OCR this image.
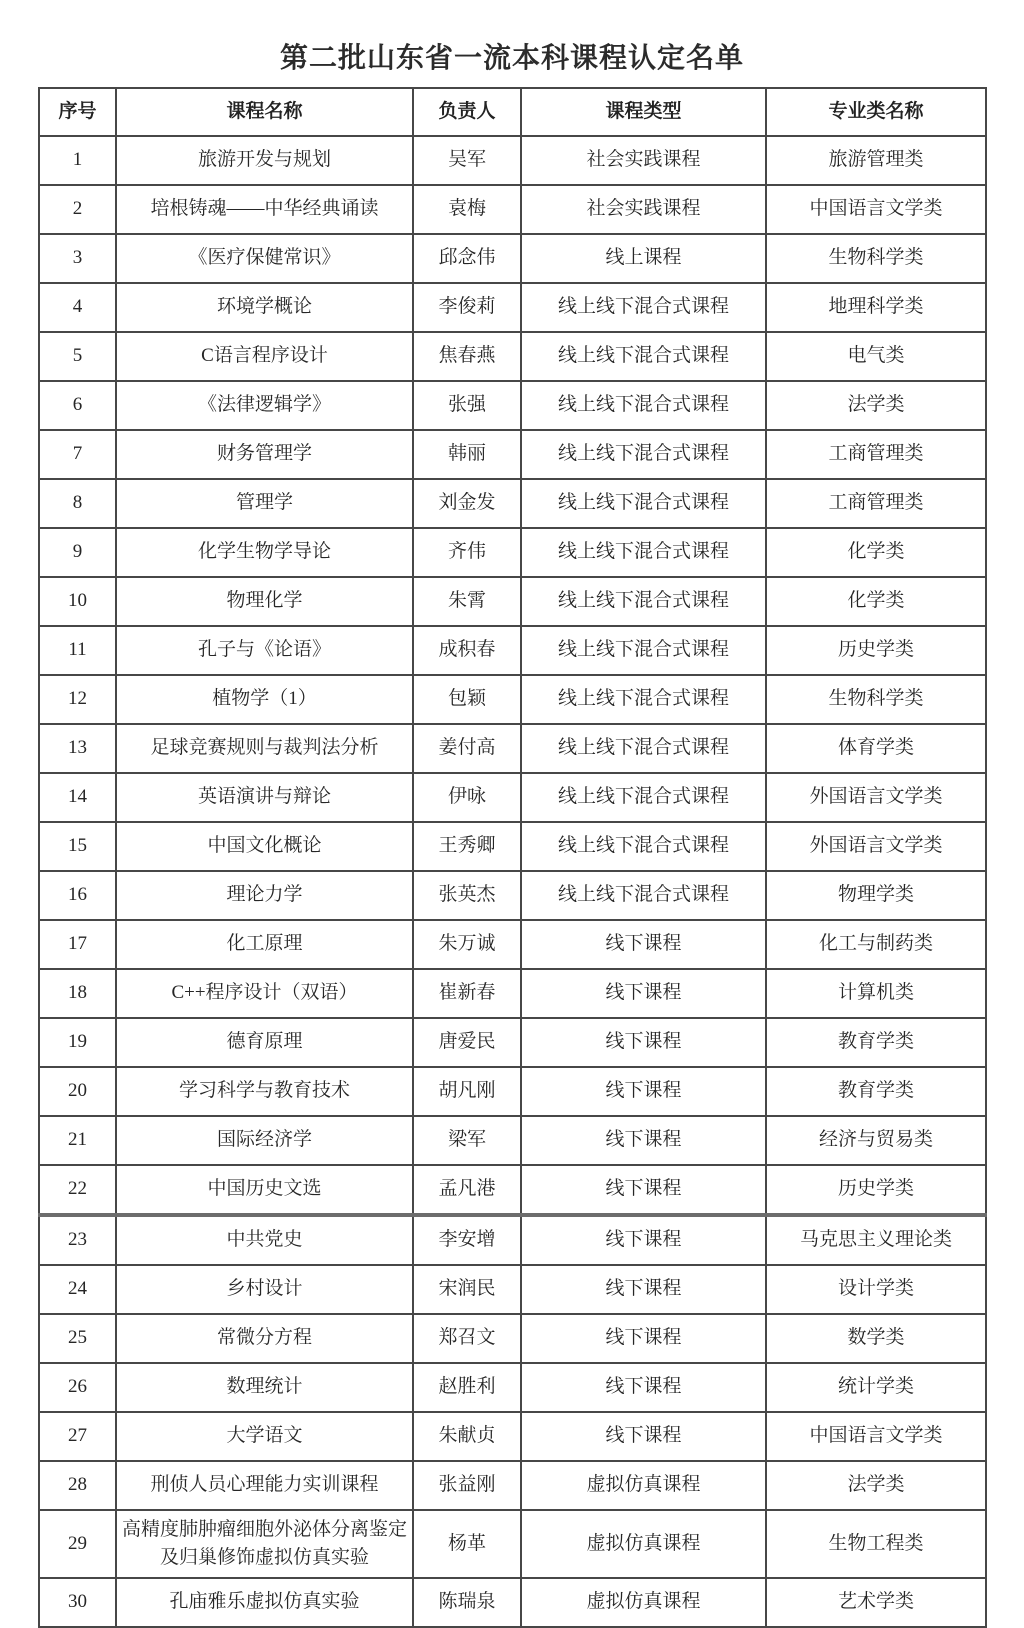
第二批山东省一流本科课程认定名单
序号	课程名称	负责人	课程类型	专业类名称
1	旅游开发与规划	吴军	社会实践课程	旅游管理类
2	培根铸魂——中华经典诵读	袁梅	社会实践课程	中国语言文学类
3	《医疗保健常识》	邱念伟	线上课程	生物科学类
4	环境学概论	李俊莉	线上线下混合式课程	地理科学类
5	C语言程序设计	焦春燕	线上线下混合式课程	电气类
6	《法律逻辑学》	张强	线上线下混合式课程	法学类
7	财务管理学	韩丽	线上线下混合式课程	工商管理类
8	管理学	刘金发	线上线下混合式课程	工商管理类
9	化学生物学导论	齐伟	线上线下混合式课程	化学类
10	物理化学	朱霄	线上线下混合式课程	化学类
11	孔子与《论语》	成积春	线上线下混合式课程	历史学类
12	植物学（1）	包颖	线上线下混合式课程	生物科学类
13	足球竞赛规则与裁判法分析	姜付高	线上线下混合式课程	体育学类
14	英语演讲与辩论	伊咏	线上线下混合式课程	外国语言文学类
15	中国文化概论	王秀卿	线上线下混合式课程	外国语言文学类
16	理论力学	张英杰	线上线下混合式课程	物理学类
17	化工原理	朱万诚	线下课程	化工与制药类
18	C++程序设计（双语）	崔新春	线下课程	计算机类
19	德育原理	唐爱民	线下课程	教育学类
20	学习科学与教育技术	胡凡刚	线下课程	教育学类
21	国际经济学	梁军	线下课程	经济与贸易类
22	中国历史文选	孟凡港	线下课程	历史学类
23	中共党史	李安增	线下课程	马克思主义理论类
24	乡村设计	宋润民	线下课程	设计学类
25	常微分方程	郑召文	线下课程	数学类
26	数理统计	赵胜利	线下课程	统计学类
27	大学语文	朱献贞	线下课程	中国语言文学类
28	刑侦人员心理能力实训课程	张益刚	虚拟仿真课程	法学类
29	高精度肺肿瘤细胞外泌体分离鉴定及归巢修饰虚拟仿真实验	杨革	虚拟仿真课程	生物工程类
30	孔庙雅乐虚拟仿真实验	陈瑞泉	虚拟仿真课程	艺术学类
